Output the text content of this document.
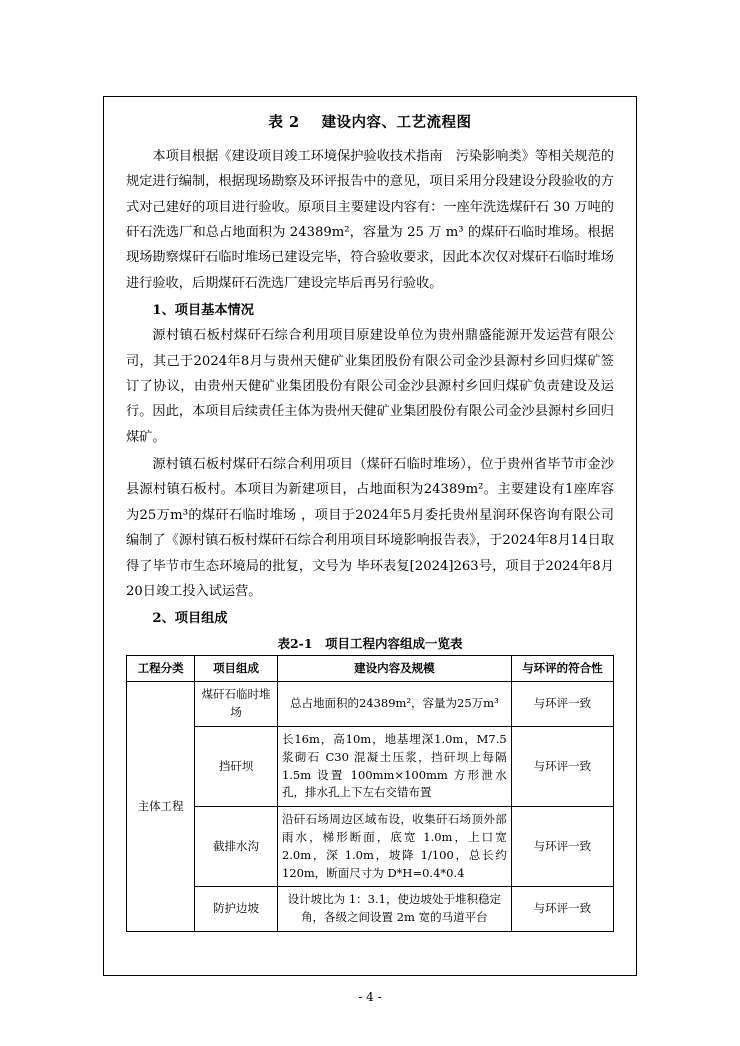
表 2 建设内容、工艺流程图

本项目根据《建设项目竣工环境保护验收技术指南　污染影响类》等相关规范的规定进行编制，根据现场勘察及环评报告中的意见，项目采用分段建设分段验收的方式对己建好的项目进行验收。原项目主要建设内容有：一座年洗选煤矸石 30 万吨的矸石洗选厂和总占地面积为 24389m²，容量为 25 万 m³ 的煤矸石临时堆场。根据现场勘察煤矸石临时堆场已建设完毕，符合验收要求，因此本次仅对煤矸石临时堆场进行验收，后期煤矸石洗选厂建设完毕后再另行验收。

1、项目基本情况

源村镇石板村煤矸石综合利用项目原建设单位为贵州鼎盛能源开发运营有限公司，其己于2024年8月与贵州天健矿业集团股份有限公司金沙县源村乡回归煤矿签订了协议，由贵州天健矿业集团股份有限公司金沙县源村乡回归煤矿负责建设及运行。因此，本项目后续责任主体为贵州天健矿业集团股份有限公司金沙县源村乡回归煤矿。

源村镇石板村煤矸石综合利用项目（煤矸石临时堆场），位于贵州省毕节市金沙县源村镇石板村。本项目为新建项目，占地面积为24389m²。主要建设有1座库容为25万m³的煤矸石临时堆场 ，项目于2024年5月委托贵州星润环保咨询有限公司编制了《源村镇石板村煤矸石综合利用项目环境影响报告表》，于2024年8月14日取得了毕节市生态环境局的批复，文号为 毕环表复[2024]263号，项目于2024年8月20日竣工投入试运营。

2、项目组成

表2-1　项目工程内容组成一览表
工程分类	项目组成	建设内容及规模	与环评的符合性
主体工程	煤矸石临时堆场	总占地面积的24389m²，容量为25万m³	与环评一致
	挡矸坝	长16m，高10m，地基埋深1.0m，M7.5 浆砌石 C30 混凝土压浆，挡矸坝上每隔 1.5m 设置 100mm×100mm 方形泄水孔，排水孔上下左右交错布置	与环评一致
	截排水沟	沿矸石场周边区域布设，收集矸石场顶外部雨水，梯形断面，底宽 1.0m，上口宽 2.0m，深 1.0m，坡降 1/100，总长约 120m，断面尺寸为 D*H=0.4*0.4	与环评一致
	防护边坡	设计坡比为 1：3.1，使边坡处于堆积稳定角，各级之间设置 2m 宽的马道平台	与环评一致
- 4 -
